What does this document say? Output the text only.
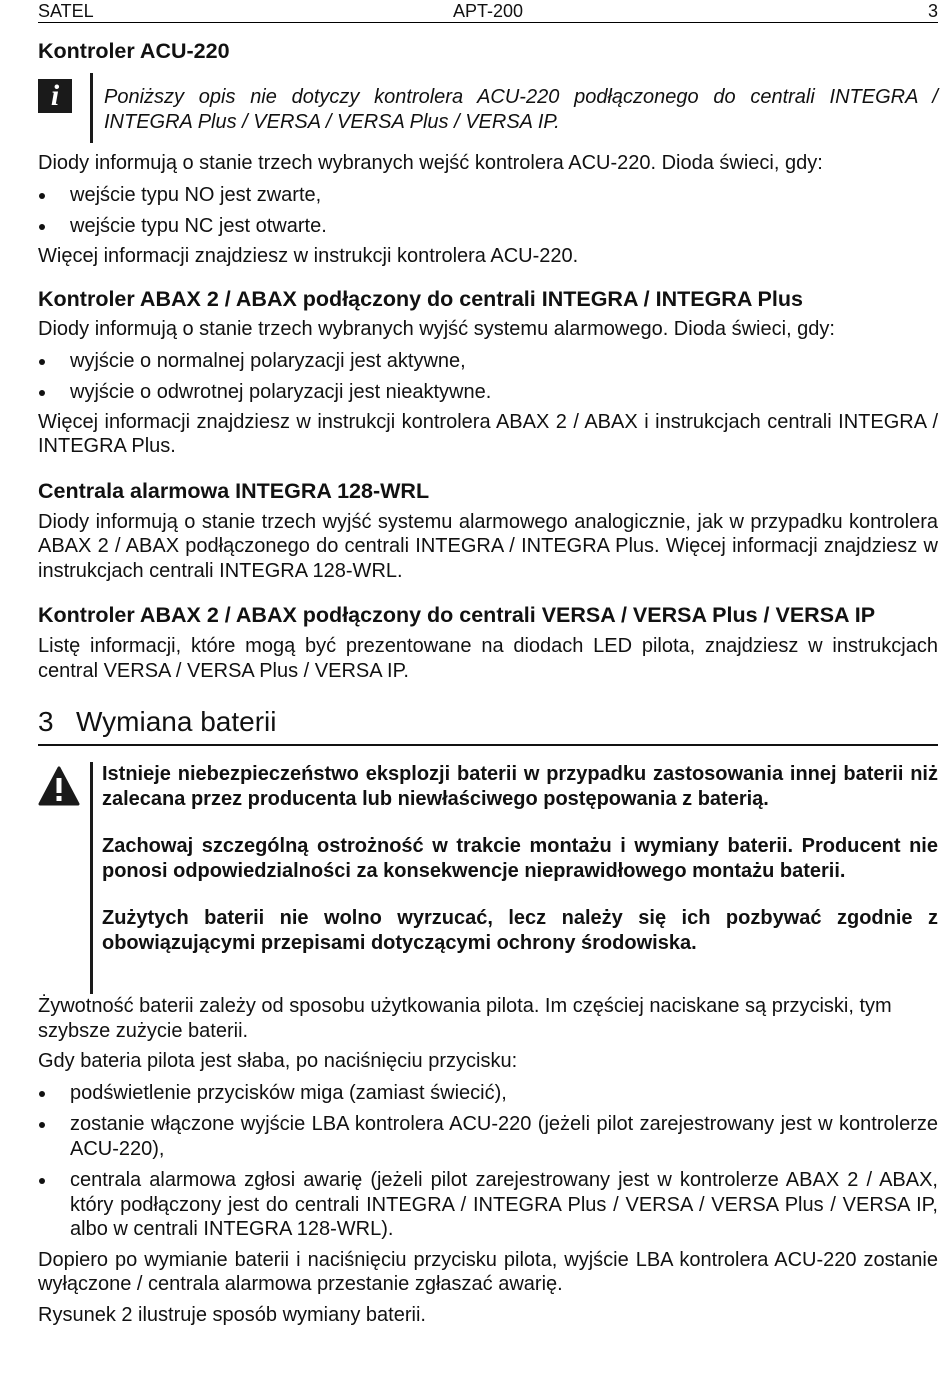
SATEL	APT-200	3
Kontroler ACU-220
i	Poniższy opis nie dotyczy kontrolera ACU-220 podłączonego do centrali INTEGRA / INTEGRA Plus / VERSA / VERSA Plus / VERSA IP.

Diody informują o stanie trzech wybranych wejść kontrolera ACU-220. Dioda świeci, gdy:

wejście typu NO jest zwarte,
wejście typu NC jest otwarte.

Więcej informacji znajdziesz w instrukcji kontrolera ACU-220.

Kontroler ABAX 2 / ABAX podłączony do centrali INTEGRA / INTEGRA Plus

Diody informują o stanie trzech wybranych wyjść systemu alarmowego. Dioda świeci, gdy:

wyjście o normalnej polaryzacji jest aktywne,
wyjście o odwrotnej polaryzacji jest nieaktywne.

Więcej informacji znajdziesz w instrukcji kontrolera ABAX 2 / ABAX i instrukcjach centrali INTEGRA / INTEGRA Plus.

Centrala alarmowa INTEGRA 128-WRL

Diody informują o stanie trzech wyjść systemu alarmowego analogicznie, jak w przypadku kontrolera ABAX 2 / ABAX podłączonego do centrali INTEGRA / INTEGRA Plus. Więcej informacji znajdziesz w instrukcjach centrali INTEGRA 128-WRL.

Kontroler ABAX 2 / ABAX podłączony do centrali VERSA / VERSA Plus / VERSA IP

Listę informacji, które mogą być prezentowane na diodach LED pilota, znajdziesz w instrukcjach central VERSA / VERSA Plus / VERSA IP.

3 Wymiana baterii

Istnieje niebezpieczeństwo eksplozji baterii w przypadku zastosowania innej baterii niż zalecana przez producenta lub niewłaściwego postępowania z baterią.

Zachowaj szczególną ostrożność w trakcie montażu i wymiany baterii. Producent nie ponosi odpowiedzialności za konsekwencje nieprawidłowego montażu baterii.

Zużytych baterii nie wolno wyrzucać, lecz należy się ich pozbywać zgodnie z obowiązującymi przepisami dotyczącymi ochrony środowiska.

Żywotność baterii zależy od sposobu użytkowania pilota. Im częściej naciskane są przyciski, tym szybsze zużycie baterii.

Gdy bateria pilota jest słaba, po naciśnięciu przycisku:

podświetlenie przycisków miga (zamiast świecić),
zostanie włączone wyjście LBA kontrolera ACU-220 (jeżeli pilot zarejestrowany jest w kontrolerze ACU-220),
centrala alarmowa zgłosi awarię (jeżeli pilot zarejestrowany jest w kontrolerze ABAX 2 / ABAX, który podłączony jest do centrali INTEGRA / INTEGRA Plus / VERSA / VERSA Plus / VERSA IP, albo w centrali INTEGRA 128-WRL).

Dopiero po wymianie baterii i naciśnięciu przycisku pilota, wyjście LBA kontrolera ACU-220 zostanie wyłączone / centrala alarmowa przestanie zgłaszać awarię.

Rysunek 2 ilustruje sposób wymiany baterii.
